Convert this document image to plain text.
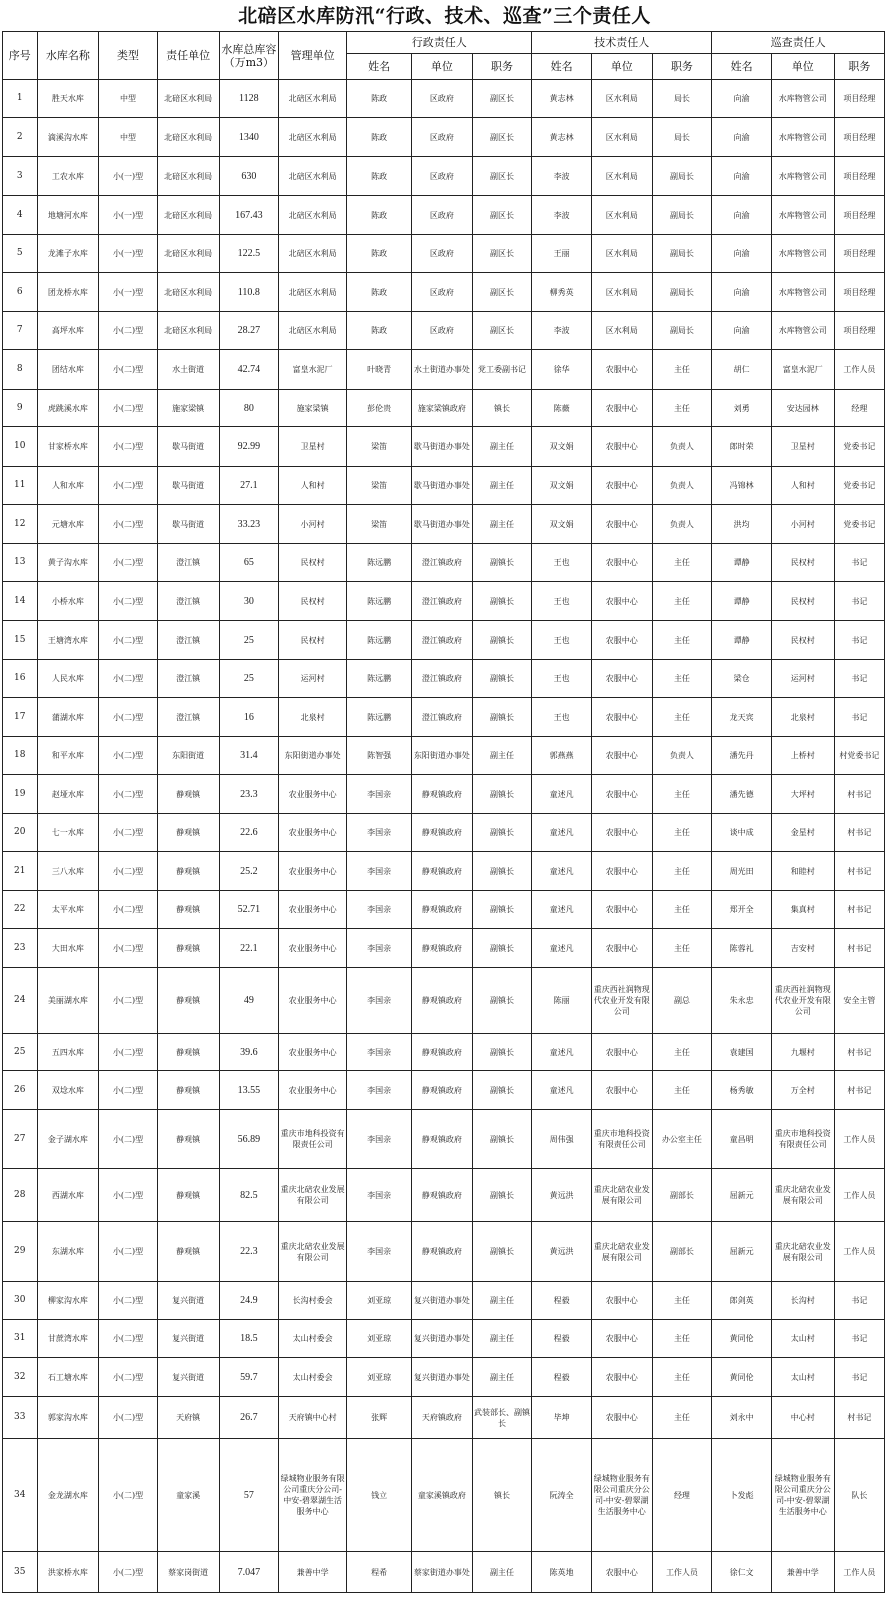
北碚区水库防汛“行政、技术、巡查”三个责任人
序号	水库名称	类型	责任单位	水库总库容（万m3）	管理单位	行政责任人			技术责任人			巡查责任人		
						姓名	单位	职务	姓名	单位	职务	姓名	单位	职务
1	胜天水库	中型	北碚区水利局	1128	北碚区水利局	陈政	区政府	副区长	黄志林	区水利局	局长	向渝	水库物管公司	项目经理
2	滴溪沟水库	中型	北碚区水利局	1340	北碚区水利局	陈政	区政府	副区长	黄志林	区水利局	局长	向渝	水库物管公司	项目经理
3	工农水库	小(一)型	北碚区水利局	630	北碚区水利局	陈政	区政府	副区长	李波	区水利局	副局长	向渝	水库物管公司	项目经理
4	地塘河水库	小(一)型	北碚区水利局	167.43	北碚区水利局	陈政	区政府	副区长	李波	区水利局	副局长	向渝	水库物管公司	项目经理
5	龙滩子水库	小(一)型	北碚区水利局	122.5	北碚区水利局	陈政	区政府	副区长	王丽	区水利局	副局长	向渝	水库物管公司	项目经理
6	团龙桥水库	小(一)型	北碚区水利局	110.8	北碚区水利局	陈政	区政府	副区长	柳秀英	区水利局	副局长	向渝	水库物管公司	项目经理
7	高坪水库	小(二)型	北碚区水利局	28.27	北碚区水利局	陈政	区政府	副区长	李波	区水利局	副局长	向渝	水库物管公司	项目经理
8	团结水库	小(二)型	水土街道	42.74	富皇水泥厂	叶晓青	水土街道办事处	党工委副书记	徐华	农服中心	主任	胡仁	富皇水泥厂	工作人员
9	虎跳溪水库	小(二)型	施家梁镇	80	施家梁镇	彭伦贵	施家梁镇政府	镇长	陈薇	农服中心	主任	刘勇	安达园林	经理
10	甘家桥水库	小(二)型	歇马街道	92.99	卫星村	梁笛	歇马街道办事处	副主任	双文娟	农服中心	负责人	郎时荣	卫星村	党委书记
11	人和水库	小(二)型	歇马街道	27.1	人和村	梁笛	歇马街道办事处	副主任	双文娟	农服中心	负责人	冯锦林	人和村	党委书记
12	元塘水库	小(二)型	歇马街道	33.23	小河村	梁笛	歇马街道办事处	副主任	双文娟	农服中心	负责人	洪均	小河村	党委书记
13	黄子沟水库	小(二)型	澄江镇	65	民权村	陈远鹏	澄江镇政府	副镇长	王也	农服中心	主任	谭静	民权村	书记
14	小桥水库	小(二)型	澄江镇	30	民权村	陈远鹏	澄江镇政府	副镇长	王也	农服中心	主任	谭静	民权村	书记
15	王塘湾水库	小(二)型	澄江镇	25	民权村	陈远鹏	澄江镇政府	副镇长	王也	农服中心	主任	谭静	民权村	书记
16	人民水库	小(二)型	澄江镇	25	运河村	陈远鹏	澄江镇政府	副镇长	王也	农服中心	主任	梁仓	运河村	书记
17	蒲湖水库	小(二)型	澄江镇	16	北泉村	陈远鹏	澄江镇政府	副镇长	王也	农服中心	主任	龙天宾	北泉村	书记
18	和平水库	小(二)型	东阳街道	31.4	东阳街道办事处	陈智强	东阳街道办事处	副主任	郭燕燕	农服中心	负责人	潘先丹	上桥村	村党委书记
19	赵垭水库	小(二)型	静观镇	23.3	农业服务中心	李国亲	静观镇政府	副镇长	童述凡	农服中心	主任	潘先德	大坪村	村书记
20	七一水库	小(二)型	静观镇	22.6	农业服务中心	李国亲	静观镇政府	副镇长	童述凡	农服中心	主任	谈中成	金星村	村书记
21	三八水库	小(二)型	静观镇	25.2	农业服务中心	李国亲	静观镇政府	副镇长	童述凡	农服中心	主任	周光田	和睦村	村书记
22	太平水库	小(二)型	静观镇	52.71	农业服务中心	李国亲	静观镇政府	副镇长	童述凡	农服中心	主任	郑开全	集真村	村书记
23	大田水库	小(二)型	静观镇	22.1	农业服务中心	李国亲	静观镇政府	副镇长	童述凡	农服中心	主任	陈蓉礼	吉安村	村书记
24	美丽湖水库	小(二)型	静观镇	49	农业服务中心	李国亲	静观镇政府	副镇长	陈丽	重庆西社润物现代农业开发有限公司	副总	朱永忠	重庆西社润物现代农业开发有限公司	安全主管
25	五四水库	小(二)型	静观镇	39.6	农业服务中心	李国亲	静观镇政府	副镇长	童述凡	农服中心	主任	袁建国	九堰村	村书记
26	双埝水库	小(二)型	静观镇	13.55	农业服务中心	李国亲	静观镇政府	副镇长	童述凡	农服中心	主任	杨秀敏	万全村	村书记
27	金子湖水库	小(二)型	静观镇	56.89	重庆市地科投资有限责任公司	李国亲	静观镇政府	副镇长	周伟强	重庆市地科投资有限责任公司	办公室主任	童昌明	重庆市地科投资有限责任公司	工作人员
28	西湖水库	小(二)型	静观镇	82.5	重庆北碚农业发展有限公司	李国亲	静观镇政府	副镇长	黄远洪	重庆北碚农业发展有限公司	副部长	屈新元	重庆北碚农业发展有限公司	工作人员
29	东湖水库	小(二)型	静观镇	22.3	重庆北碚农业发展有限公司	李国亲	静观镇政府	副镇长	黄远洪	重庆北碚农业发展有限公司	副部长	屈新元	重庆北碚农业发展有限公司	工作人员
30	柳家沟水库	小(二)型	复兴街道	24.9	长沟村委会	刘亚琼	复兴街道办事处	副主任	程毅	农服中心	主任	郎剑英	长沟村	书记
31	甘蔗湾水库	小(二)型	复兴街道	18.5	太山村委会	刘亚琼	复兴街道办事处	副主任	程毅	农服中心	主任	黄同伦	太山村	书记
32	石工塘水库	小(二)型	复兴街道	59.7	太山村委会	刘亚琼	复兴街道办事处	副主任	程毅	农服中心	主任	黄同伦	太山村	书记
33	郭家沟水库	小(二)型	天府镇	26.7	天府镇中心村	张辉	天府镇政府	武装部长、副镇长	毕坤	农服中心	主任	刘永中	中心村	村书记
34	金龙湖水库	小(二)型	童家溪	57	绿城物业服务有限公司重庆分公司-中安-碧翠湖生活服务中心	钱立	童家溪镇政府	镇长	阮涛全	绿城物业服务有限公司重庆分公司-中安-碧翠湖生活服务中心	经理	卜发彪	绿城物业服务有限公司重庆分公司-中安-碧翠湖生活服务中心	队长
35	洪家桥水库	小(二)型	蔡家岗街道	7.047	兼善中学	程希	蔡家街道办事处	副主任	陈英地	农服中心	工作人员	徐仁文	兼善中学	工作人员
